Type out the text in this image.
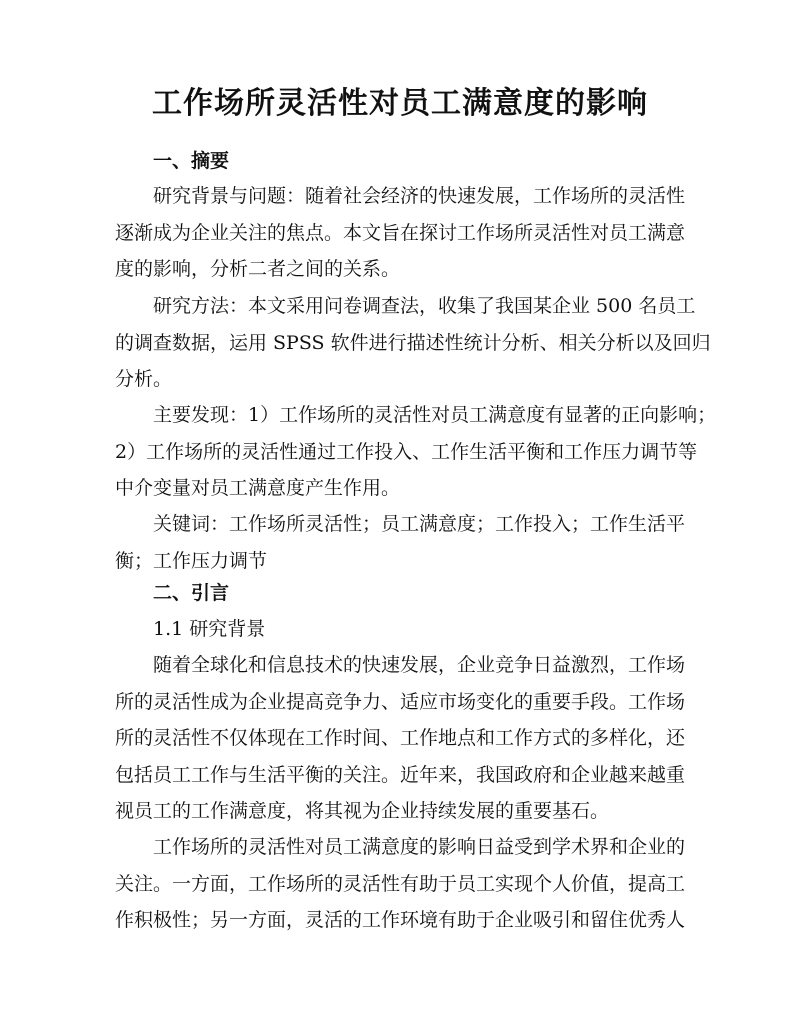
工作场所灵活性对员工满意度的影响
一、摘要
研究背景与问题：随着社会经济的快速发展，工作场所的灵活性
逐渐成为企业关注的焦点。本文旨在探讨工作场所灵活性对员工满意
度的影响，分析二者之间的关系。
研究方法：本文采用问卷调查法，收集了我国某企业 500 名员工
的调查数据，运用 SPSS 软件进行描述性统计分析、相关分析以及回归
分析。
主要发现：1）工作场所的灵活性对员工满意度有显著的正向影响；
2）工作场所的灵活性通过工作投入、工作生活平衡和工作压力调节等
中介变量对员工满意度产生作用。
关键词：工作场所灵活性；员工满意度；工作投入；工作生活平
衡；工作压力调节
二、引言
1.1 研究背景
随着全球化和信息技术的快速发展，企业竞争日益激烈，工作场
所的灵活性成为企业提高竞争力、适应市场变化的重要手段。工作场
所的灵活性不仅体现在工作时间、工作地点和工作方式的多样化，还
包括员工工作与生活平衡的关注。近年来，我国政府和企业越来越重
视员工的工作满意度，将其视为企业持续发展的重要基石。
工作场所的灵活性对员工满意度的影响日益受到学术界和企业的
关注。一方面，工作场所的灵活性有助于员工实现个人价值，提高工
作积极性；另一方面，灵活的工作环境有助于企业吸引和留住优秀人
